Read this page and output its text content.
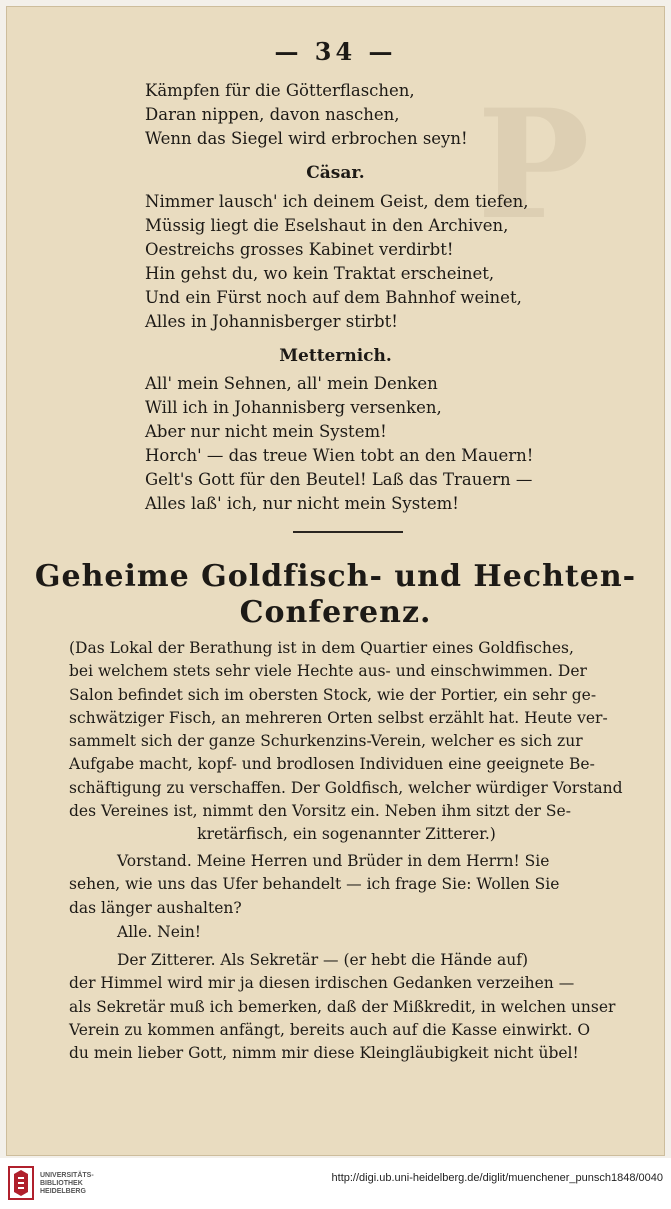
P
— 34 —
Kämpfen für die Götterflaschen,
Daran nippen, davon naschen,
Wenn das Siegel wird erbrochen seyn!
Cäsar.
Nimmer lausch' ich deinem Geist, dem tiefen,
Müssig liegt die Eselshaut in den Archiven,
Oestreichs grosses Kabinet verdirbt!
Hin gehst du, wo kein Traktat erscheinet,
Und ein Fürst noch auf dem Bahnhof weinet,
Alles in Johannisberger stirbt!
Metternich.
All' mein Sehnen, all' mein Denken
Will ich in Johannisberg versenken,
Aber nur nicht mein System!
Horch' — das treue Wien tobt an den Mauern!
Gelt's Gott für den Beutel! Laß das Trauern —
Alles laß' ich, nur nicht mein System!
Geheime Goldfisch- und Hechten-
Conferenz.
(Das Lokal der Berathung ist in dem Quartier eines Goldfisches,
bei welchem stets sehr viele Hechte aus- und einschwimmen. Der
Salon befindet sich im obersten Stock, wie der Portier, ein sehr ge-
schwätziger Fisch, an mehreren Orten selbst erzählt hat. Heute ver-
sammelt sich der ganze Schurkenzins-Verein, welcher es sich zur
Aufgabe macht, kopf- und brodlosen Individuen eine geeignete Be-
schäftigung zu verschaffen. Der Goldfisch, welcher würdiger Vorstand
des Vereines ist, nimmt den Vorsitz ein. Neben ihm sitzt der Se-
kretärfisch, ein sogenannter Zitterer.)
Vorstand. Meine Herren und Brüder in dem Herrn! Sie
sehen, wie uns das Ufer behandelt — ich frage Sie: Wollen Sie
das länger aushalten?
Alle. Nein!
Der Zitterer. Als Sekretär — (er hebt die Hände auf)
der Himmel wird mir ja diesen irdischen Gedanken verzeihen —
als Sekretär muß ich bemerken, daß der Mißkredit, in welchen unser
Verein zu kommen anfängt, bereits auch auf die Kasse einwirkt. O
du mein lieber Gott, nimm mir diese Kleingläubigkeit nicht übel!
UNIVERSITÄTS-
BIBLIOTHEK
HEIDELBERG
http://digi.ub.uni-heidelberg.de/diglit/muenchener_punsch1848/0040
